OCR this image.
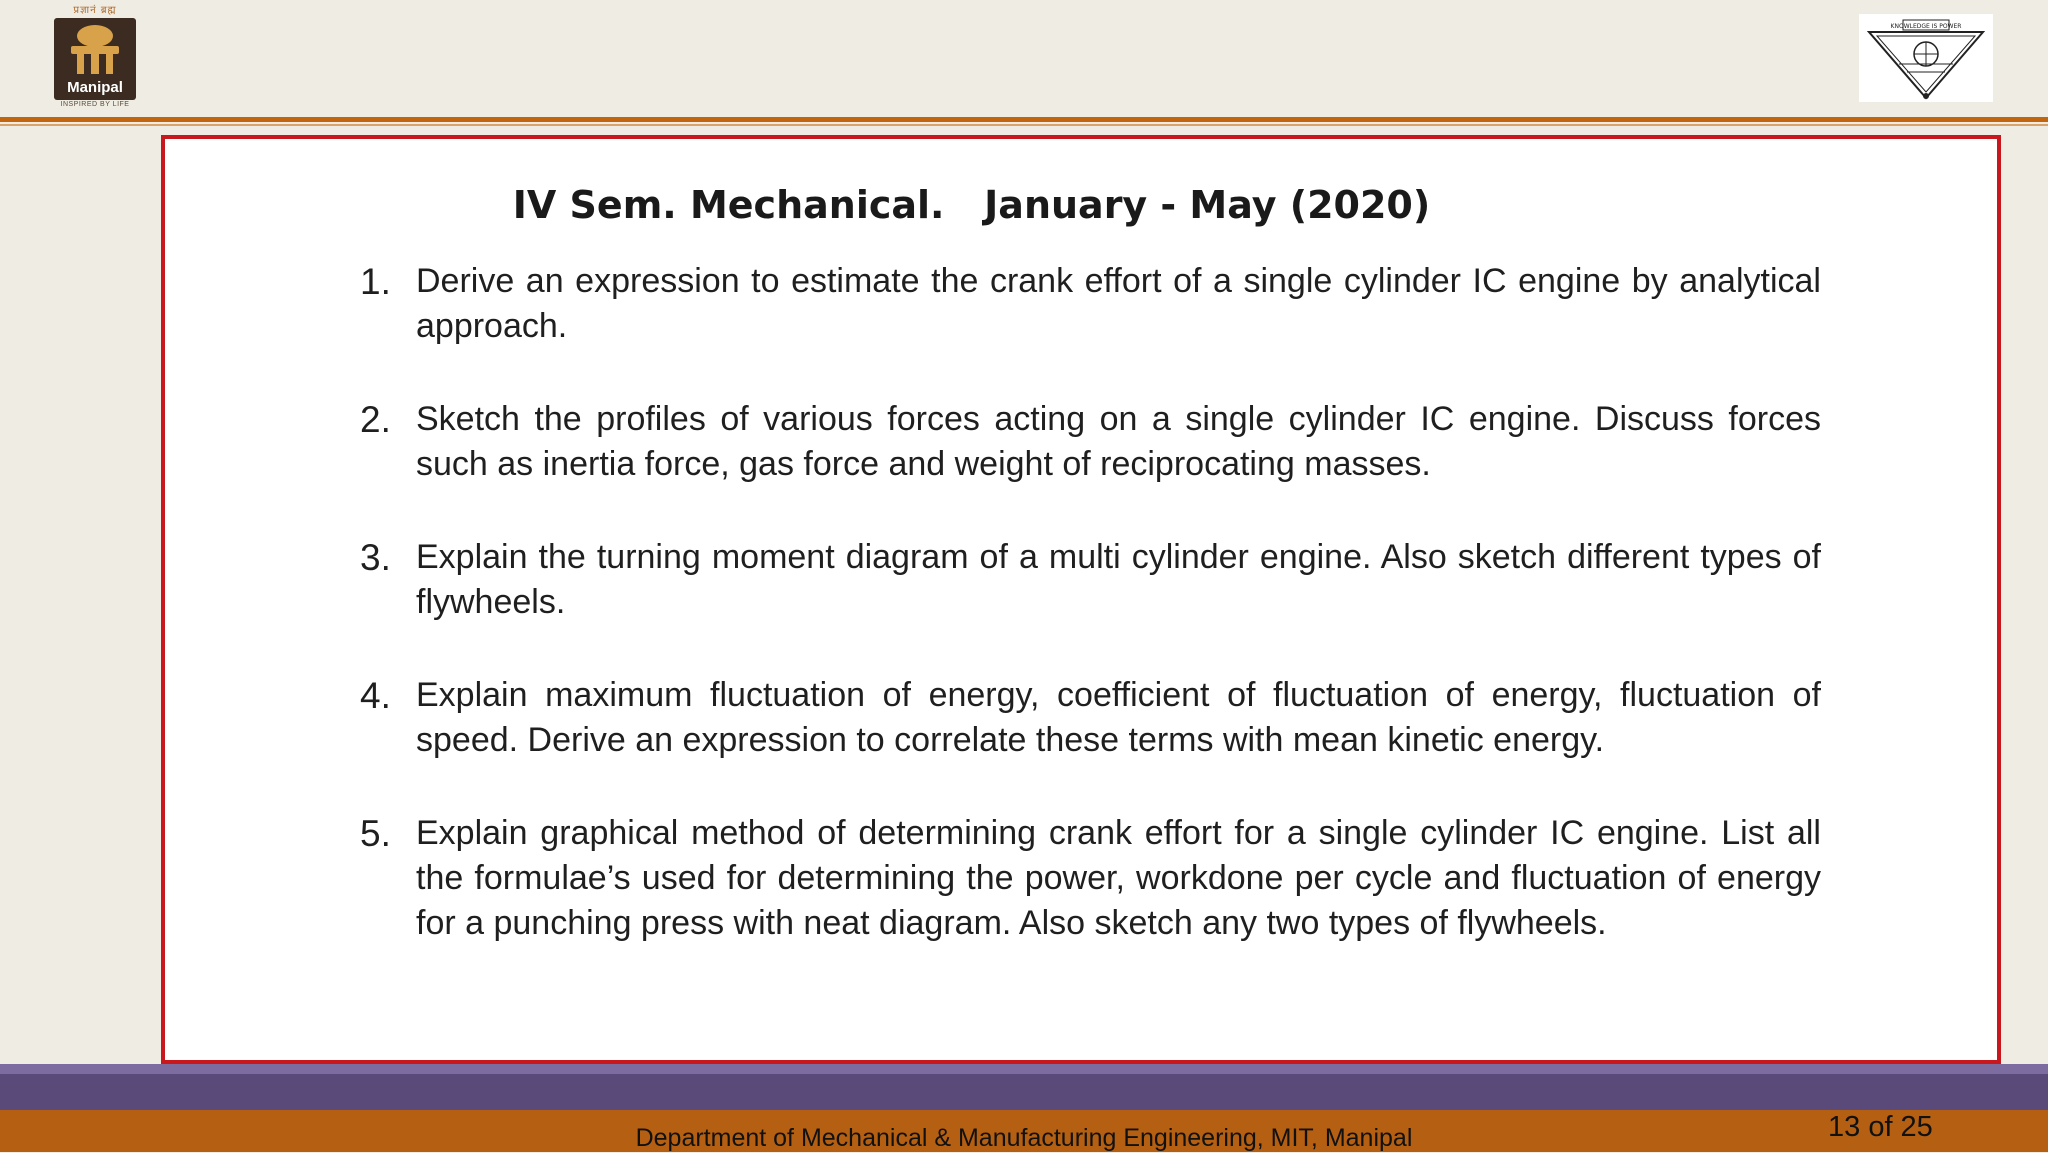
प्रज्ञानं ब्रह्म
Manipal
INSPIRED BY LIFE
KNOWLEDGE IS POWER
IV Sem. Mechanical.   January - May (2020)
1. Derive an expression to estimate the crank effort of a single cylinder IC engine by analytical approach.
2. Sketch the profiles of various forces acting on a single cylinder IC engine. Discuss forces such as inertia force, gas force and weight of reciprocating masses.
3. Explain the turning moment diagram of a multi cylinder engine. Also sketch different types of flywheels.
4. Explain maximum fluctuation of energy, coefficient of fluctuation of energy, fluctuation of speed. Derive an expression to correlate these terms with mean kinetic energy.
5. Explain graphical method of determining crank effort for a single cylinder IC engine. List all the formulae’s used for determining the power, workdone per cycle and fluctuation of energy for a punching press with neat diagram. Also sketch any two types of flywheels.
Department of Mechanical & Manufacturing Engineering, MIT, Manipal	13 of 25
